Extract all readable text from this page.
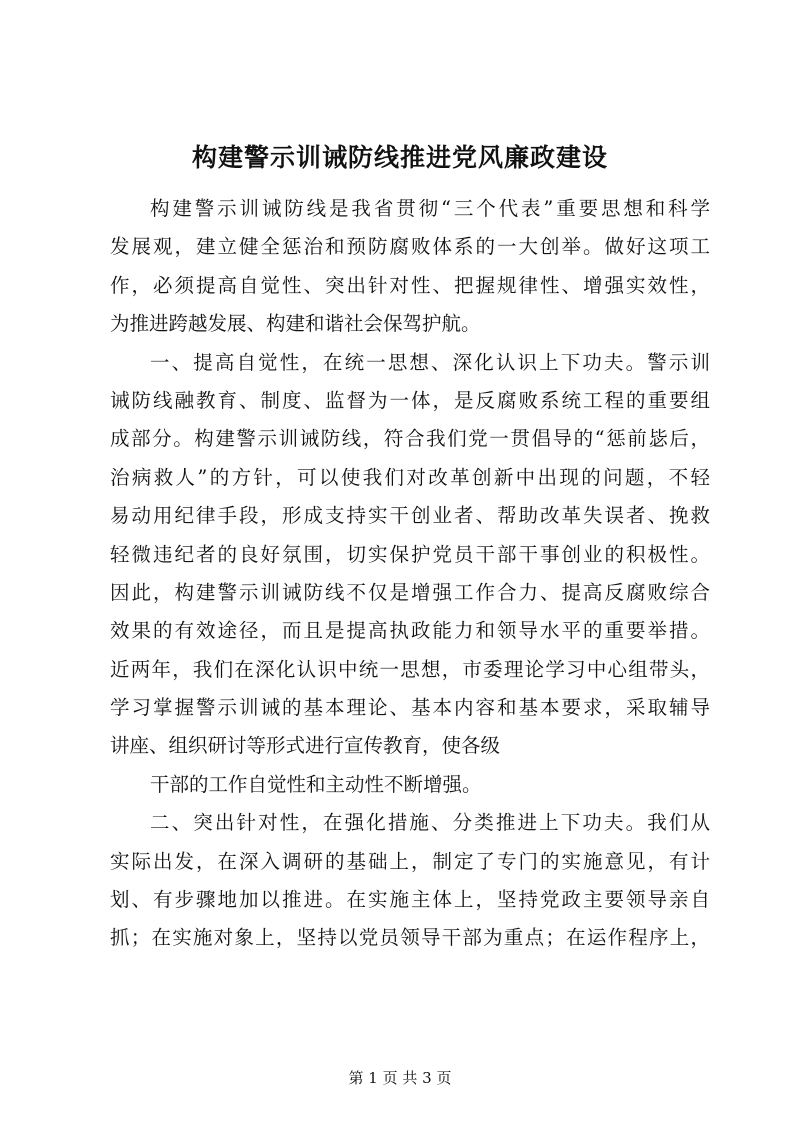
构建警示训诫防线推进党风廉政建设
构建警示训诫防线是我省贯彻“三个代表”重要思想和科学
发展观，建立健全惩治和预防腐败体系的一大创举。做好这项工
作，必须提高自觉性、突出针对性、把握规律性、增强实效性，
为推进跨越发展、构建和谐社会保驾护航。
一、提高自觉性，在统一思想、深化认识上下功夫。警示训
诫防线融教育、制度、监督为一体，是反腐败系统工程的重要组
成部分。构建警示训诫防线，符合我们党一贯倡导的“惩前毖后，
治病救人”的方针，可以使我们对改革创新中出现的问题，不轻
易动用纪律手段，形成支持实干创业者、帮助改革失误者、挽救
轻微违纪者的良好氛围，切实保护党员干部干事创业的积极性。
因此，构建警示训诫防线不仅是增强工作合力、提高反腐败综合
效果的有效途径，而且是提高执政能力和领导水平的重要举措。
近两年，我们在深化认识中统一思想，市委理论学习中心组带头，
学习掌握警示训诫的基本理论、基本内容和基本要求，采取辅导
讲座、组织研讨等形式进行宣传教育，使各级
干部的工作自觉性和主动性不断增强。
二、突出针对性，在强化措施、分类推进上下功夫。我们从
实际出发，在深入调研的基础上，制定了专门的实施意见，有计
划、有步骤地加以推进。在实施主体上，坚持党政主要领导亲自
抓；在实施对象上，坚持以党员领导干部为重点；在运作程序上，
第 1 页 共 3 页
